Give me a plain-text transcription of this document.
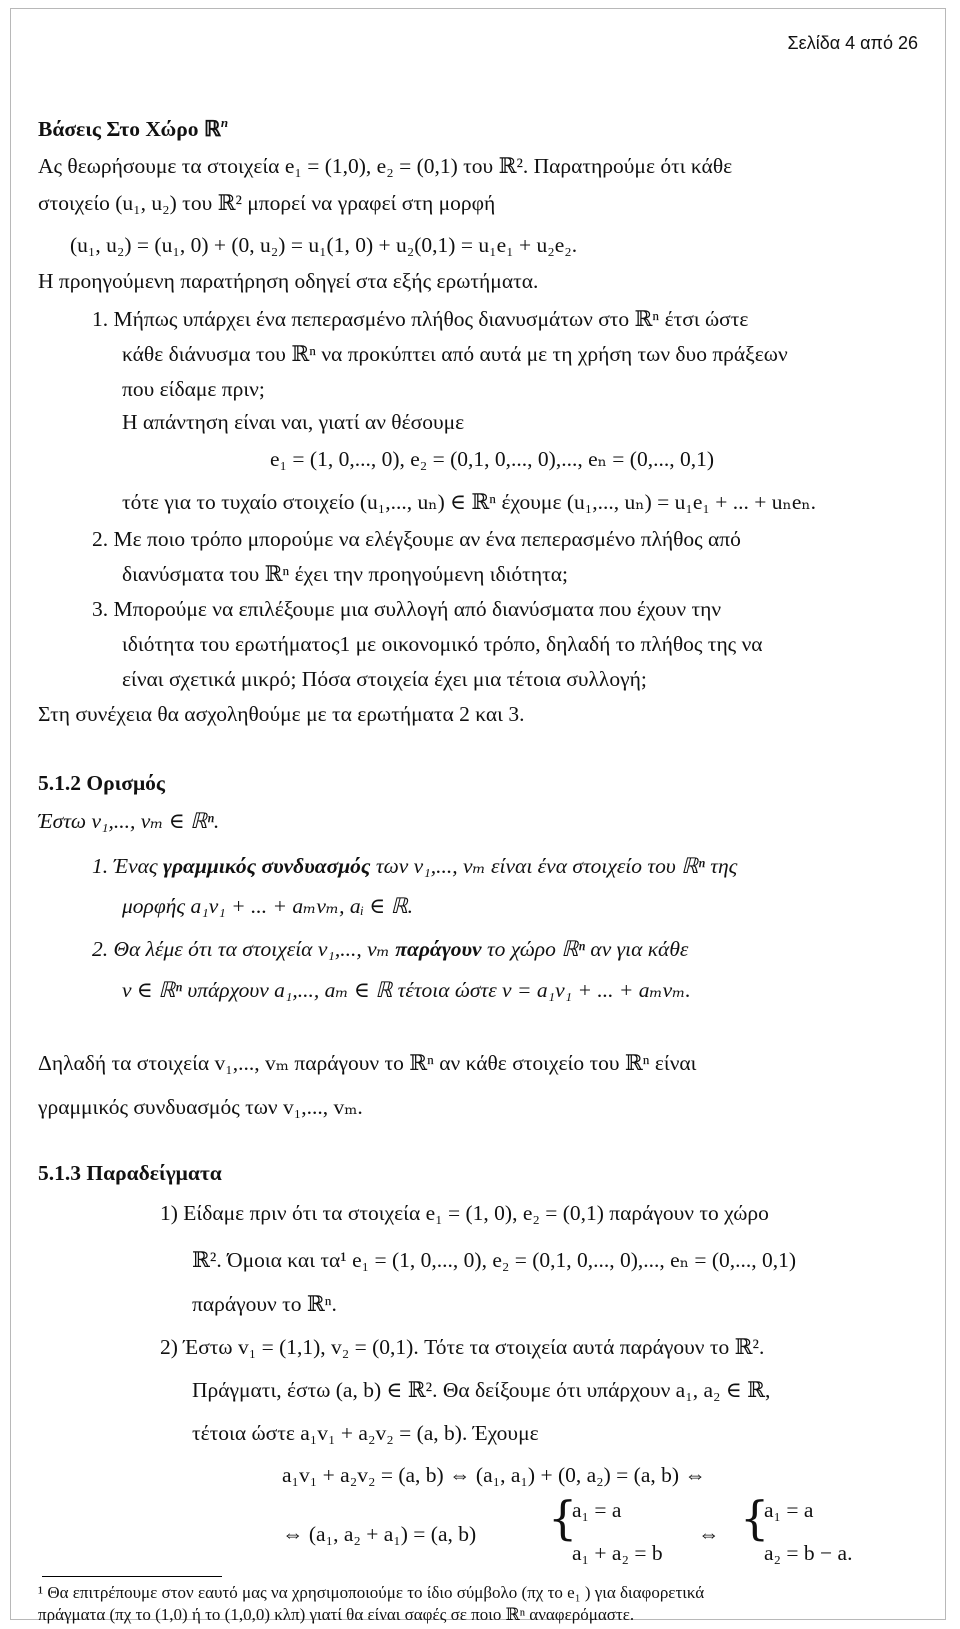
Σελίδα 4 από 26
Βάσεις Στο Χώρο ℝ$^n$
Ας θεωρήσουμε τα στοιχεία e₁ = (1,0), e₂ = (0,1) του ℝ². Παρατηρούμε ότι κάθε
στοιχείο (u₁, u₂) του ℝ² μπορεί να γραφεί στη μορφή
(u₁, u₂) = (u₁, 0) + (0, u₂) = u₁(1, 0) + u₂(0,1) = u₁e₁ + u₂e₂.
Η προηγούμενη παρατήρηση οδηγεί στα εξής ερωτήματα.
1. Μήπως υπάρχει ένα πεπερασμένο πλήθος διανυσμάτων στο ℝⁿ έτσι ώστε
κάθε διάνυσμα του ℝⁿ να προκύπτει από αυτά με τη χρήση των δυο πράξεων
που είδαμε πριν;
Η απάντηση είναι ναι, γιατί αν θέσουμε
e₁ = (1, 0,..., 0), e₂ = (0,1, 0,..., 0),..., eₙ = (0,..., 0,1)
τότε για το τυχαίο στοιχείο (u₁,..., uₙ) ∈ ℝⁿ έχουμε (u₁,..., uₙ) = u₁e₁ + ... + uₙeₙ.
2. Με ποιο τρόπο μπορούμε να ελέγξουμε αν ένα πεπερασμένο πλήθος από
διανύσματα του ℝⁿ έχει την προηγούμενη ιδιότητα;
3. Μπορούμε να επιλέξουμε μια συλλογή από διανύσματα που έχουν την
ιδιότητα του ερωτήματος1 με οικονομικό τρόπο, δηλαδή το πλήθος της να
είναι σχετικά μικρό; Πόσα στοιχεία έχει μια τέτοια συλλογή;
Στη συνέχεια θα ασχοληθούμε με τα ερωτήματα 2 και 3.
5.1.2 Ορισμός
Έστω v₁,..., vₘ ∈ ℝⁿ.
1. Ένας γραμμικός συνδυασμός των v₁,..., vₘ είναι ένα στοιχείο του ℝⁿ της
μορφής a₁v₁ + ... + aₘvₘ, aᵢ ∈ ℝ.
2. Θα λέμε ότι τα στοιχεία v₁,..., vₘ παράγουν το χώρο ℝⁿ αν για κάθε
v ∈ ℝⁿ υπάρχουν a₁,..., aₘ ∈ ℝ τέτοια ώστε v = a₁v₁ + ... + aₘvₘ.
Δηλαδή τα στοιχεία v₁,..., vₘ παράγουν το ℝⁿ αν κάθε στοιχείο του ℝⁿ είναι
γραμμικός συνδυασμός των v₁,..., vₘ.
5.1.3 Παραδείγματα
1) Είδαμε πριν ότι τα στοιχεία e₁ = (1, 0), e₂ = (0,1) παράγουν το χώρο
ℝ². Όμοια και τα¹ e₁ = (1, 0,..., 0), e₂ = (0,1, 0,..., 0),..., eₙ = (0,..., 0,1)
παράγουν το ℝⁿ.
2) Έστω v₁ = (1,1), v₂ = (0,1). Τότε τα στοιχεία αυτά παράγουν το ℝ².
Πράγματι, έστω (a, b) ∈ ℝ². Θα δείξουμε ότι υπάρχουν a₁, a₂ ∈ ℝ,
τέτοια ώστε a₁v₁ + a₂v₂ = (a, b). Έχουμε
a₁v₁ + a₂v₂ = (a, b) ⇔ (a₁, a₁) + (0, a₂) = (a, b) ⇔
⇔ (a₁, a₂ + a₁) = (a, b) {
a₁ = a
a₁ + a₂ = b
⇔ {
a₁ = a
a₂ = b − a.
¹ Θα επιτρέπουμε στον εαυτό μας να χρησιμοποιούμε το ίδιο σύμβολο (πχ το e₁ ) για διαφορετικά
πράγματα (πχ το (1,0) ή το (1,0,0) κλπ) γιατί θα είναι σαφές σε ποιο ℝⁿ αναφερόμαστε.
